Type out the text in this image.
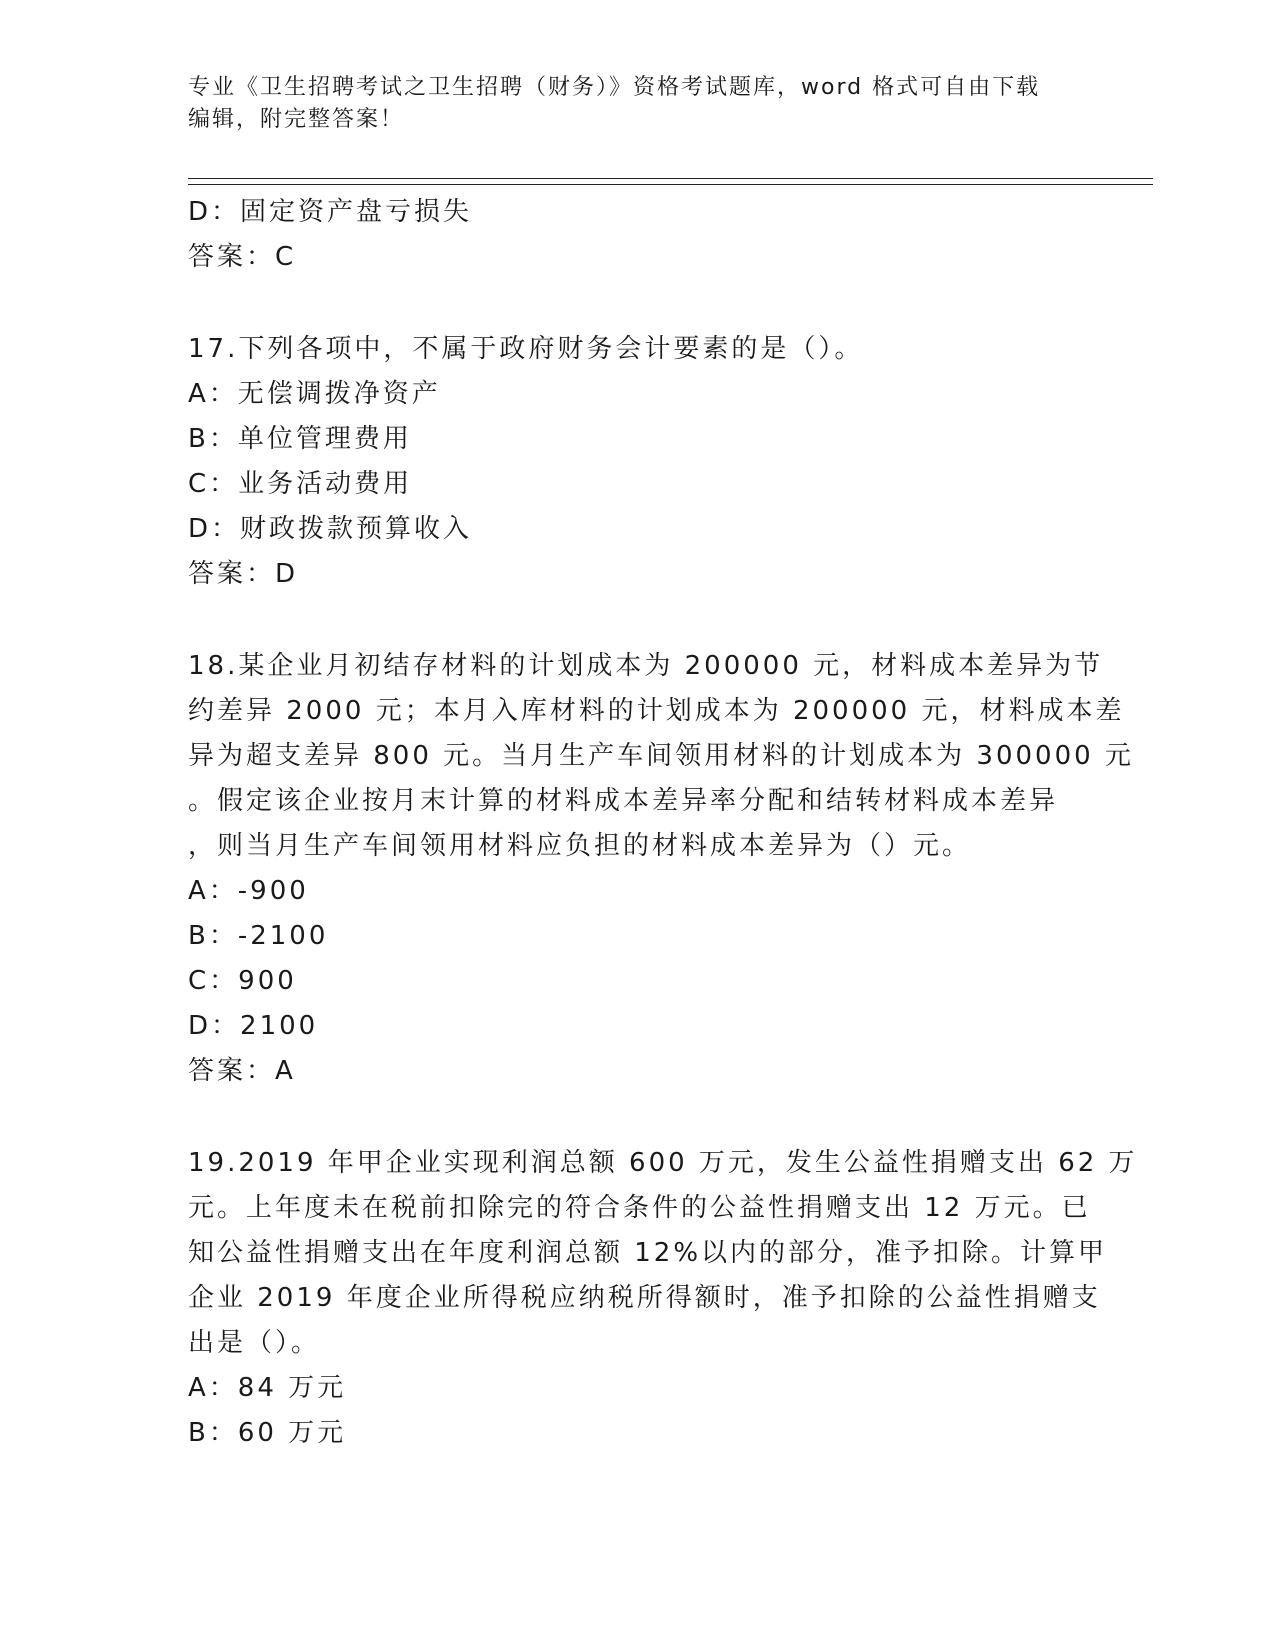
专业《卫生招聘考试之卫生招聘（财务）》资格考试题库，word 格式可自由下载
编辑，附完整答案！
D：固定资产盘亏损失
答案：C
17.下列各项中，不属于政府财务会计要素的是（）。
A：无偿调拨净资产
B：单位管理费用
C：业务活动费用
D：财政拨款预算收入
答案：D
18.某企业月初结存材料的计划成本为 200000 元，材料成本差异为节
约差异 2000 元；本月入库材料的计划成本为 200000 元，材料成本差
异为超支差异 800 元。当月生产车间领用材料的计划成本为 300000 元
。假定该企业按月末计算的材料成本差异率分配和结转材料成本差异
，则当月生产车间领用材料应负担的材料成本差异为（）元。
A：-900
B：-2100
C：900
D：2100
答案：A
19.2019 年甲企业实现利润总额 600 万元，发生公益性捐赠支出 62 万
元。上年度未在税前扣除完的符合条件的公益性捐赠支出 12 万元。已
知公益性捐赠支出在年度利润总额 12%以内的部分，准予扣除。计算甲
企业 2019 年度企业所得税应纳税所得额时，准予扣除的公益性捐赠支
出是（）。
A：84 万元
B：60 万元
